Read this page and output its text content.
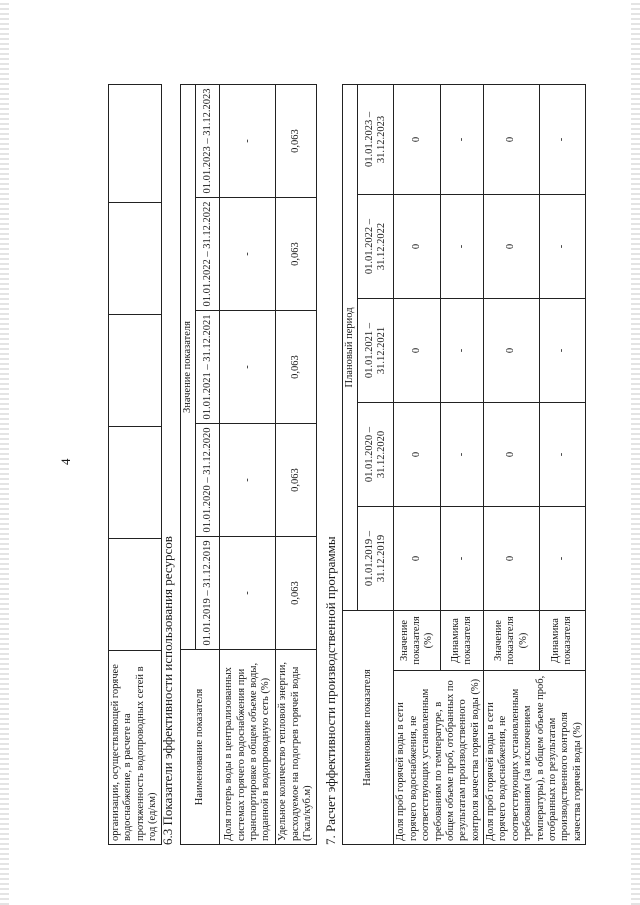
4
организации, осуществляющей горячее водоснабжение, в расчете на протяженность водопроводных сетей в год (ед/км)					6.3 Показатели эффективности использования ресурсов Наименование показателя	Значение показателя				
	01.01.2019 – 31.12.2019	01.01.2020 – 31.12.2020	01.01.2021 – 31.12.2021	01.01.2022 – 31.12.2022	01.01.2023 – 31.12.2023
Доля потерь воды в централизованных системах горячего водоснабжения при транспортировке в общем объеме воды, поданной в водопроводную сеть (%)	-	-	-	-	-
Удельное количество тепловой энергии, расходуемое на подогрев горячей воды (Гкал/куб.м)	0,063	0,063	0,063	0,063	0,063
7. Расчет эффективности производственной программы Наименование показателя		Плановый период				
		01.01.2019 – 31.12.2019	01.01.2020 – 31.12.2020	01.01.2021 – 31.12.2021	01.01.2022 – 31.12.2022	01.01.2023 – 31.12.2023
Доля проб горячей воды в сети горячего водоснабжения, не соответствующих установленным требованиям по температуре, в общем объеме проб, отобранных по результатам производственного контроля качества горячей воды (%)	Значение показателя (%)	0	0	0	0	0
	Динамика показателя	-	-	-	-	-
Доля проб горячей воды в сети горячего водоснабжения, не соответствующих установленным требованиям (за исключением температуры), в общем объеме проб, отобранных по результатам производственного контроля качества горячей воды (%)	Значение показателя (%)	0	0	0	0	0
	Динамика показателя	-	-	-	-	-
